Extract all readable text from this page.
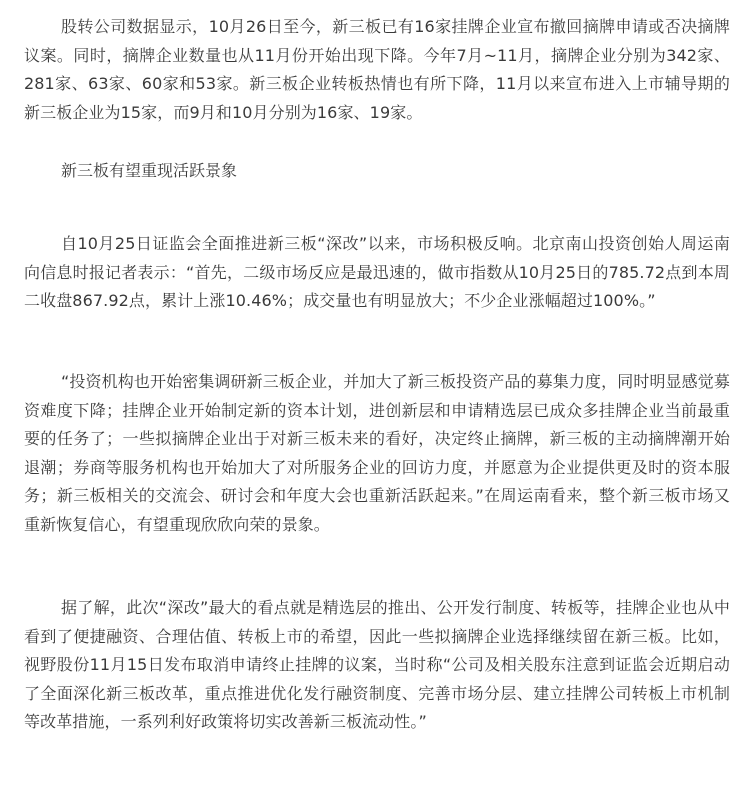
股转公司数据显示，10月26日至今，新三板已有16家挂牌企业宣布撤回摘牌申请或否决摘牌议案。同时，摘牌企业数量也从11月份开始出现下降。今年7月~11月，摘牌企业分别为342家、281家、63家、60家和53家。新三板企业转板热情也有所下降，11月以来宣布进入上市辅导期的新三板企业为15家，而9月和10月分别为16家、19家。

新三板有望重现活跃景象

自10月25日证监会全面推进新三板“深改”以来，市场积极反响。北京南山投资创始人周运南向信息时报记者表示：“首先，二级市场反应是最迅速的，做市指数从10月25日的785.72点到本周二收盘867.92点，累计上涨10.46%；成交量也有明显放大；不少企业涨幅超过100%。”

“投资机构也开始密集调研新三板企业，并加大了新三板投资产品的募集力度，同时明显感觉募资难度下降；挂牌企业开始制定新的资本计划，进创新层和申请精选层已成众多挂牌企业当前最重要的任务了；一些拟摘牌企业出于对新三板未来的看好，决定终止摘牌，新三板的主动摘牌潮开始退潮；券商等服务机构也开始加大了对所服务企业的回访力度，并愿意为企业提供更及时的资本服务；新三板相关的交流会、研讨会和年度大会也重新活跃起来。”在周运南看来，整个新三板市场又重新恢复信心，有望重现欣欣向荣的景象。

据了解，此次“深改”最大的看点就是精选层的推出、公开发行制度、转板等，挂牌企业也从中看到了便捷融资、合理估值、转板上市的希望，因此一些拟摘牌企业选择继续留在新三板。比如，视野股份11月15日发布取消申请终止挂牌的议案，当时称“公司及相关股东注意到证监会近期启动了全面深化新三板改革，重点推进优化发行融资制度、完善市场分层、建立挂牌公司转板上市机制等改革措施，一系列利好政策将切实改善新三板流动性。”
